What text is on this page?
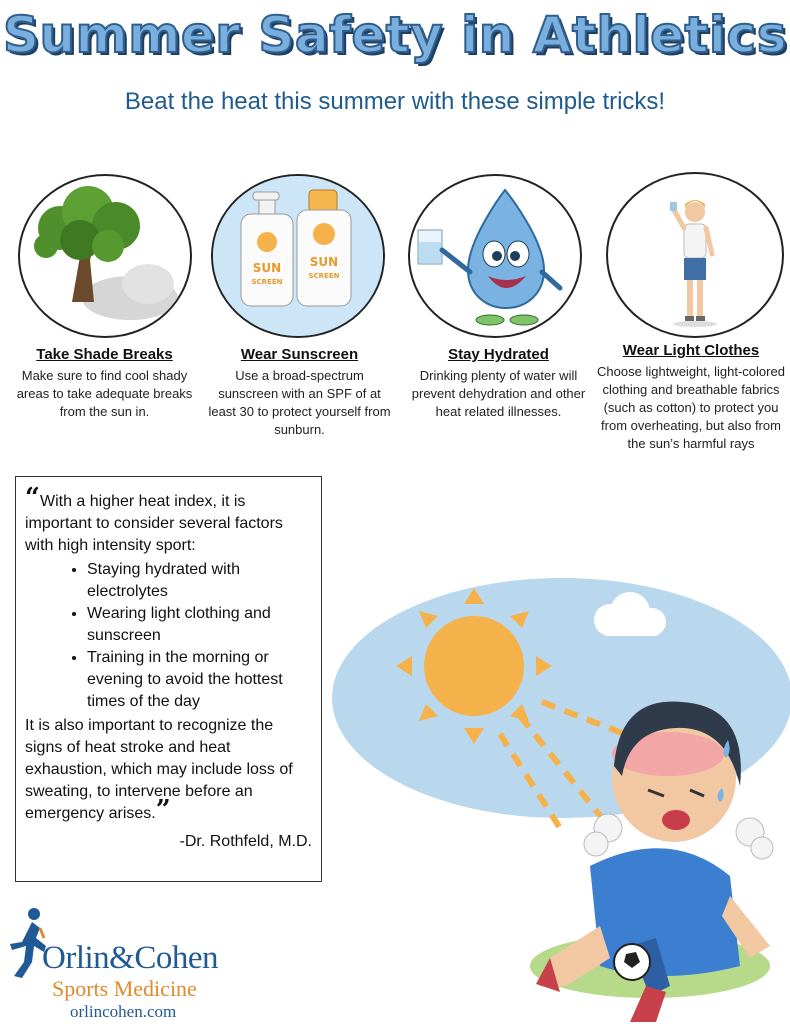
Summer Safety in Athletics
Beat the heat this summer with these simple tricks!
SUN
SCREEN
SUN
SCREEN
Take Shade Breaks
Make sure to find cool shady areas to take adequate breaks from the sun in.
Wear Sunscreen
Use a broad-spectrum sunscreen with an SPF of at least 30 to protect yourself from sunburn.
Stay Hydrated
Drinking plenty of water will prevent dehydration and other heat related illnesses.
Wear Light Clothes
Choose lightweight, light-colored clothing and breathable fabrics (such as cotton) to protect you from overheating, but also from the sun’s harmful rays
“With a higher heat index, it is important to consider several factors with high intensity sport:
• Staying hydrated with electrolytes
• Wearing light clothing and sunscreen
• Training in the morning or evening to avoid the hottest times of the day
It is also important to recognize the signs of heat stroke and heat exhaustion, which may include loss of sweating, to intervene before an emergency arises.”
-Dr. Rothfeld, M.D.
Orlin&Cohen
Sports Medicine
orlincohen.com
